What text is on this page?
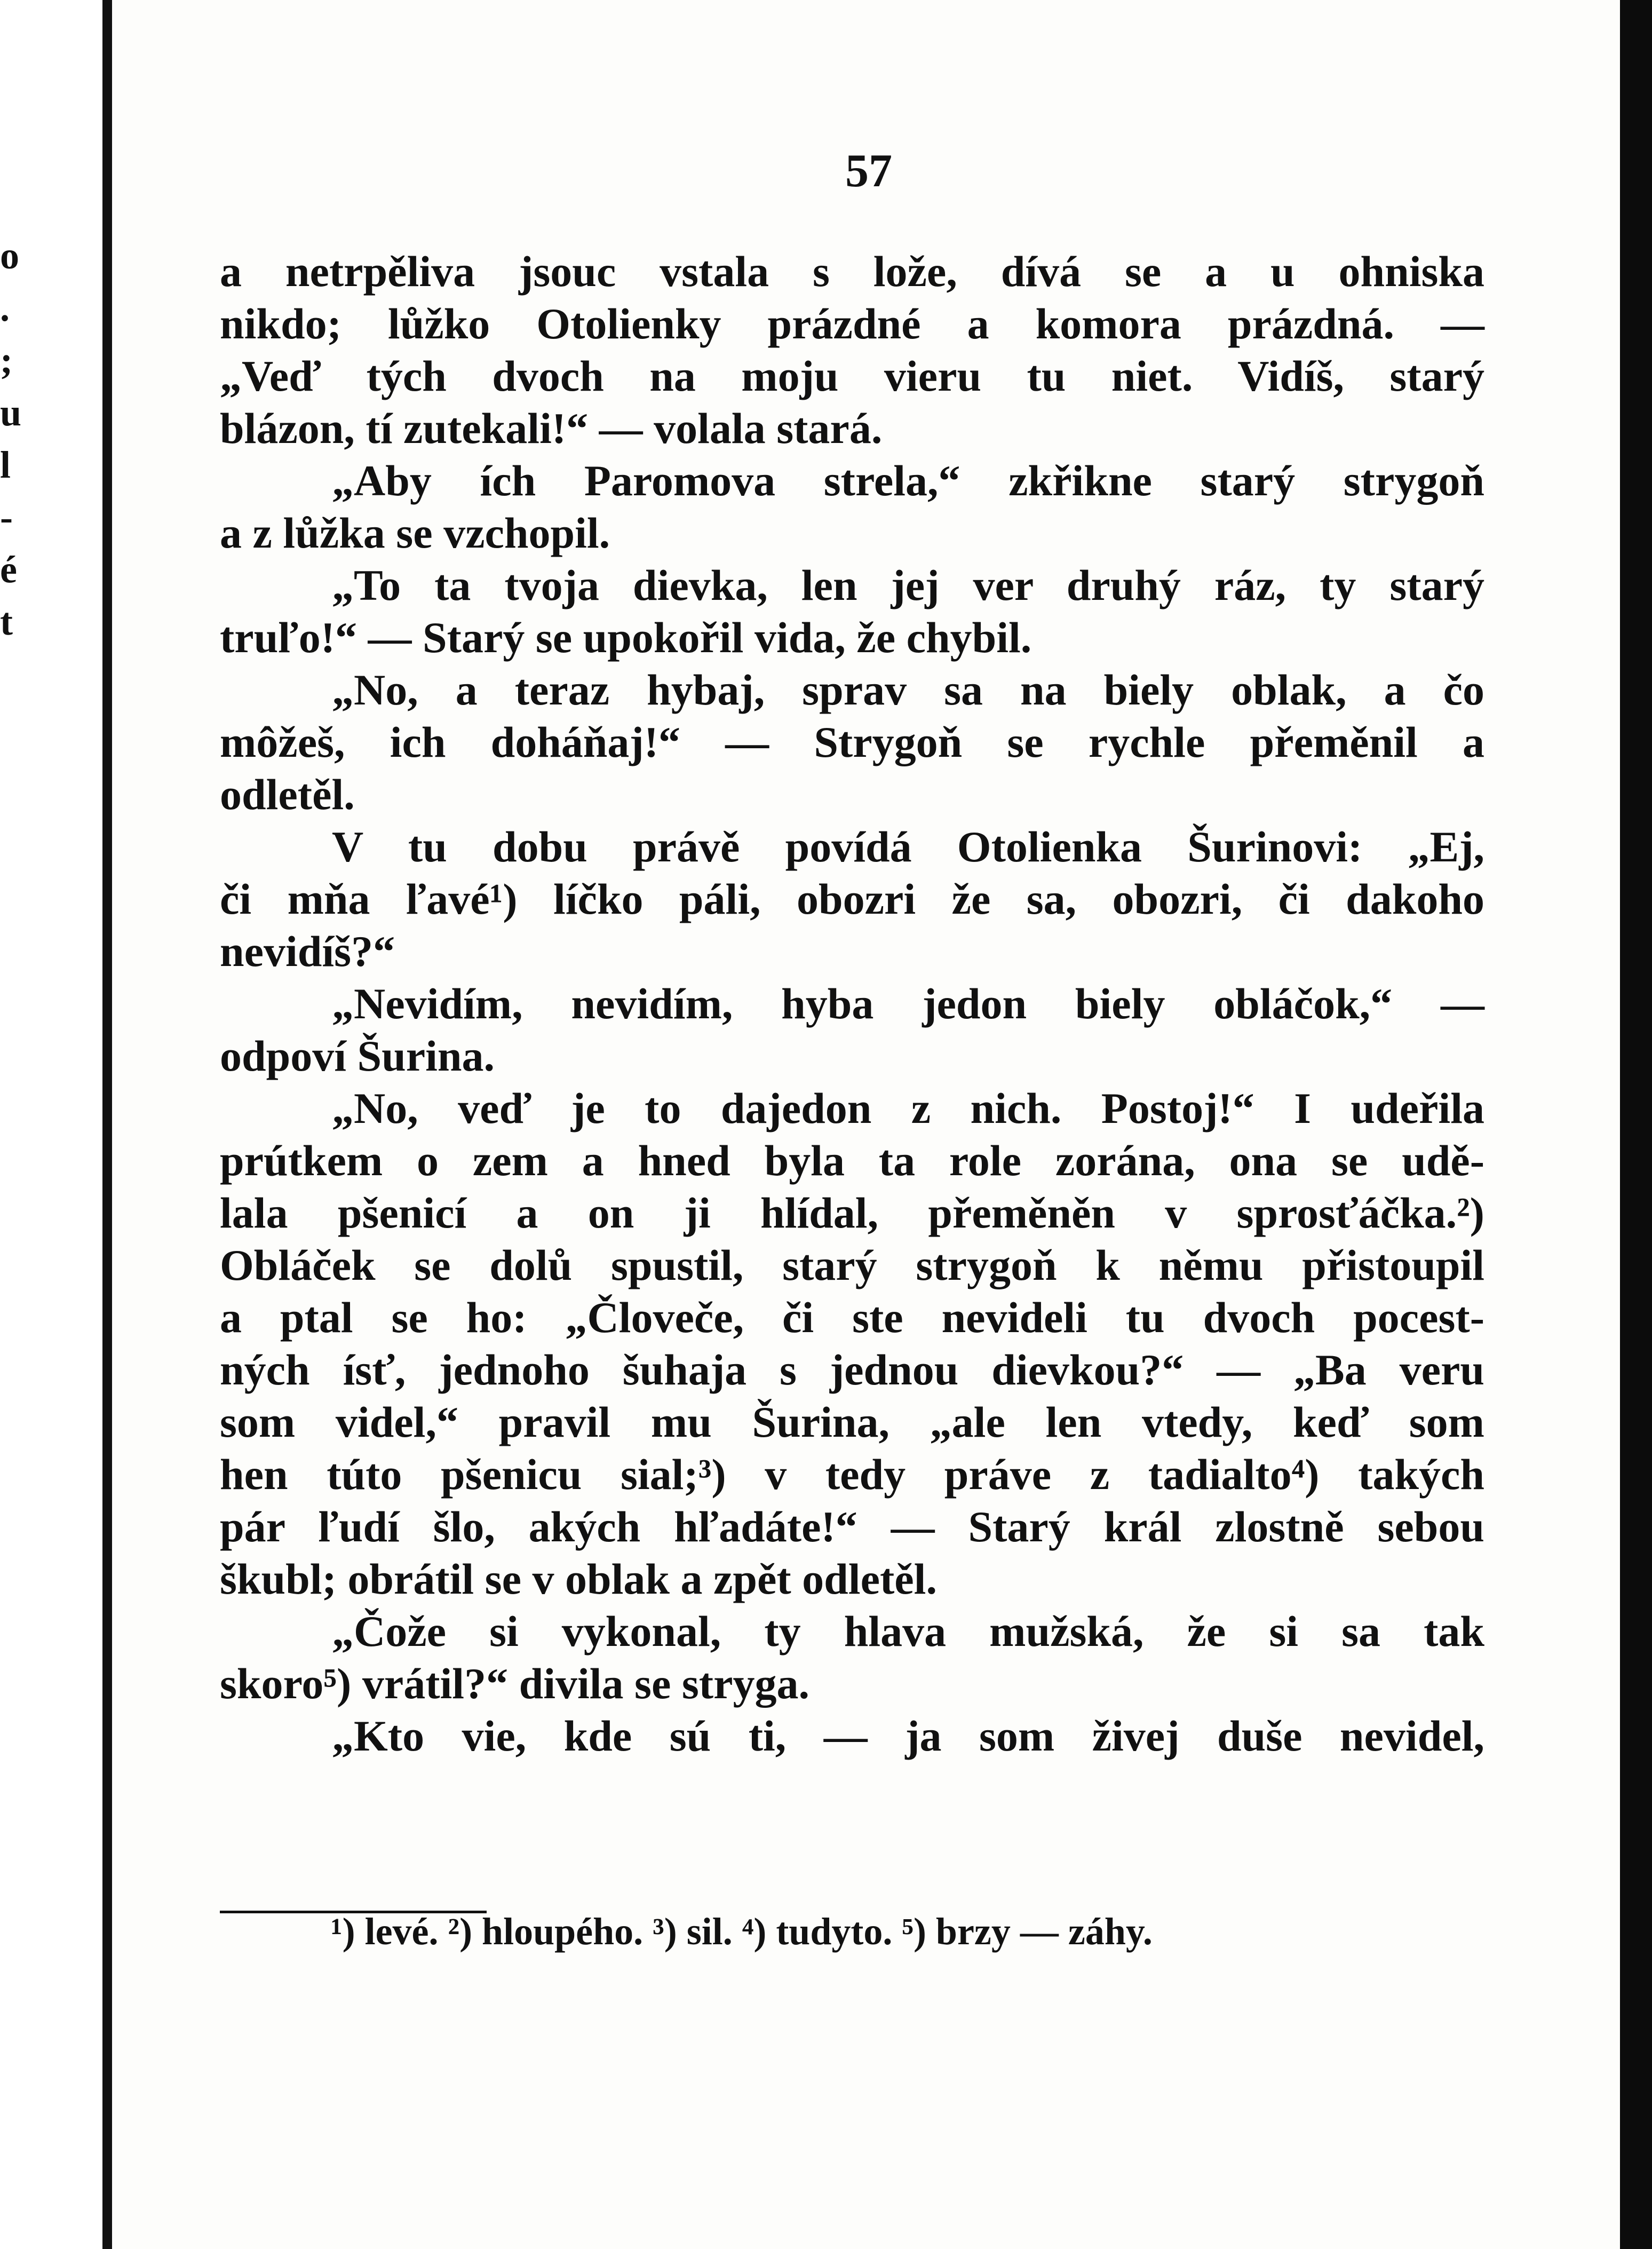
o
.
;
u
l
-
é
t
57
a netrpěliva jsouc vstala s lože, dívá se a u ohniska
nikdo; lůžko Otolienky prázdné a komora prázdná. —
„Veď tých dvoch na moju vieru tu niet. Vidíš, starý
blázon, tí zutekali!“ — volala stará.
„Aby ích Paromova strela,“ zkřikne starý strygoň
a z lůžka se vzchopil.
„To ta tvoja dievka, len jej ver druhý ráz, ty starý
truľo!“ — Starý se upokořil vida, že chybil.
„No, a teraz hybaj, sprav sa na biely oblak, a čo
môžeš, ich doháňaj!“ — Strygoň se rychle přeměnil a
odletěl.
V tu dobu právě povídá Otolienka Šurinovi: „Ej,
či mňa ľavé¹) líčko páli, obozri že sa, obozri, či dakoho
nevidíš?“
„Nevidím, nevidím, hyba jedon biely obláčok,“ —
odpoví Šurina.
„No, veď je to dajedon z nich. Postoj!“ I udeřila
prútkem o zem a hned byla ta role zorána, ona se udě-
lala pšenicí a on ji hlídal, přeměněn v sprosťáčka.²)
Obláček se dolů spustil, starý strygoň k němu přistoupil
a ptal se ho: „Človeče, či ste nevideli tu dvoch pocest-
ných ísť, jednoho šuhaja s jednou dievkou?“ — „Ba veru
som videl,“ pravil mu Šurina, „ale len vtedy, keď som
hen túto pšenicu sial;³) v tedy práve z tadialto⁴) takých
pár ľudí šlo, akých hľadáte!“ — Starý král zlostně sebou
škubl; obrátil se v oblak a zpět odletěl.
„Čože si vykonal, ty hlava mužská, že si sa tak
skoro⁵) vrátil?“ divila se stryga.
„Kto vie, kde sú ti, — ja som živej duše nevidel,
¹) levé. ²) hloupého. ³) sil. ⁴) tudyto. ⁵) brzy — záhy.
